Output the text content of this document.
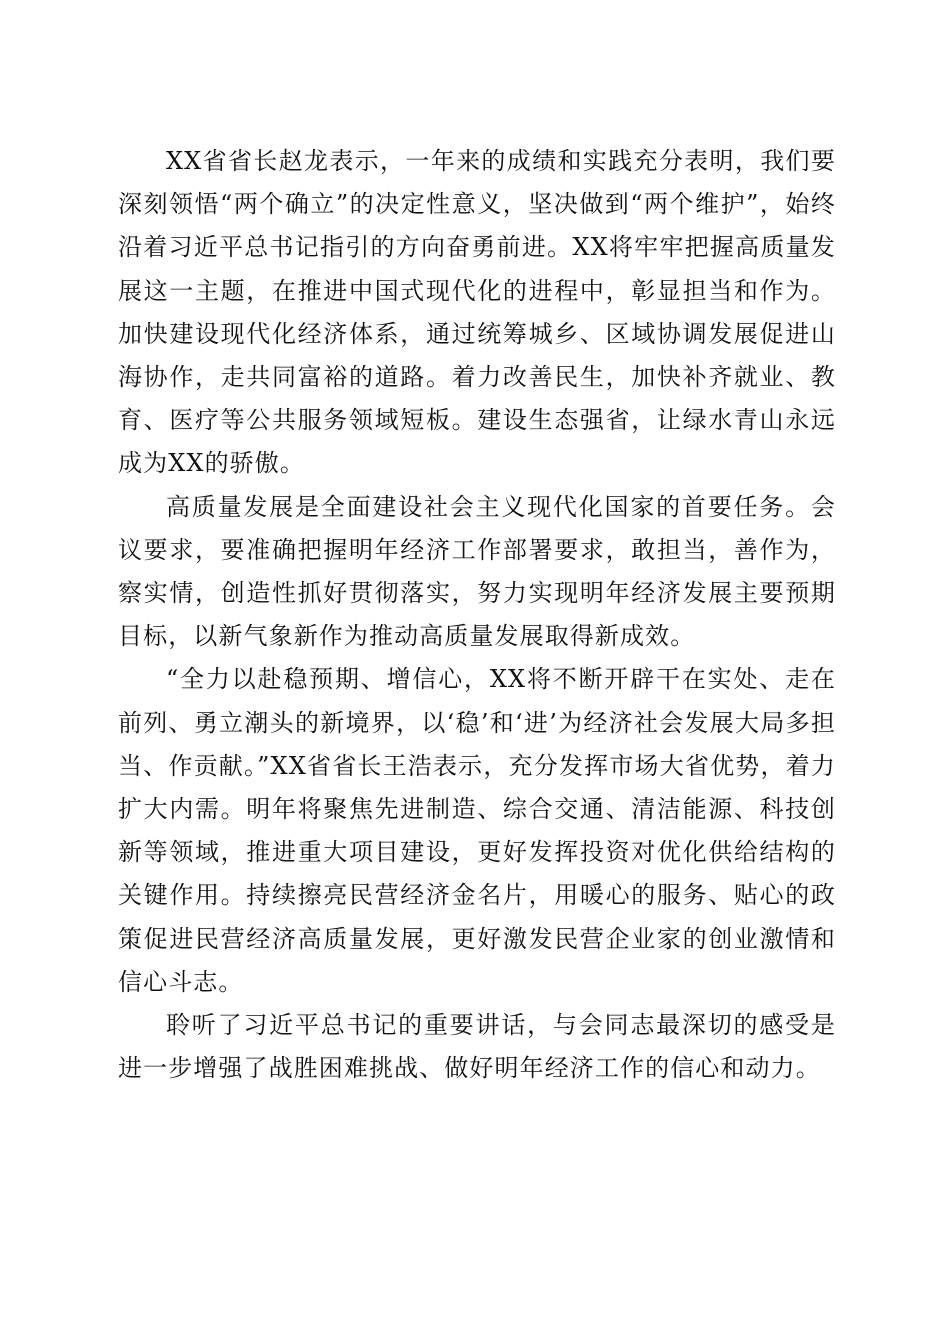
XX省省长赵龙表示，一年来的成绩和实践充分表明，我们要深刻领悟“两个确立”的决定性意义，坚决做到“两个维护”，始终沿着习近平总书记指引的方向奋勇前进。XX将牢牢把握高质量发展这一主题，在推进中国式现代化的进程中，彰显担当和作为。加快建设现代化经济体系，通过统筹城乡、区域协调发展促进山海协作，走共同富裕的道路。着力改善民生，加快补齐就业、教育、医疗等公共服务领域短板。建设生态强省，让绿水青山永远成为XX的骄傲。

高质量发展是全面建设社会主义现代化国家的首要任务。会议要求，要准确把握明年经济工作部署要求，敢担当，善作为，察实情，创造性抓好贯彻落实，努力实现明年经济发展主要预期目标，以新气象新作为推动高质量发展取得新成效。

“全力以赴稳预期、增信心，XX将不断开辟干在实处、走在前列、勇立潮头的新境界，以‘稳’和‘进’为经济社会发展大局多担当、作贡献。”XX省省长王浩表示，充分发挥市场大省优势，着力扩大内需。明年将聚焦先进制造、综合交通、清洁能源、科技创新等领域，推进重大项目建设，更好发挥投资对优化供给结构的关键作用。持续擦亮民营经济金名片，用暖心的服务、贴心的政策促进民营经济高质量发展，更好激发民营企业家的创业激情和信心斗志。

聆听了习近平总书记的重要讲话，与会同志最深切的感受是进一步增强了战胜困难挑战、做好明年经济工作的信心和动力。
